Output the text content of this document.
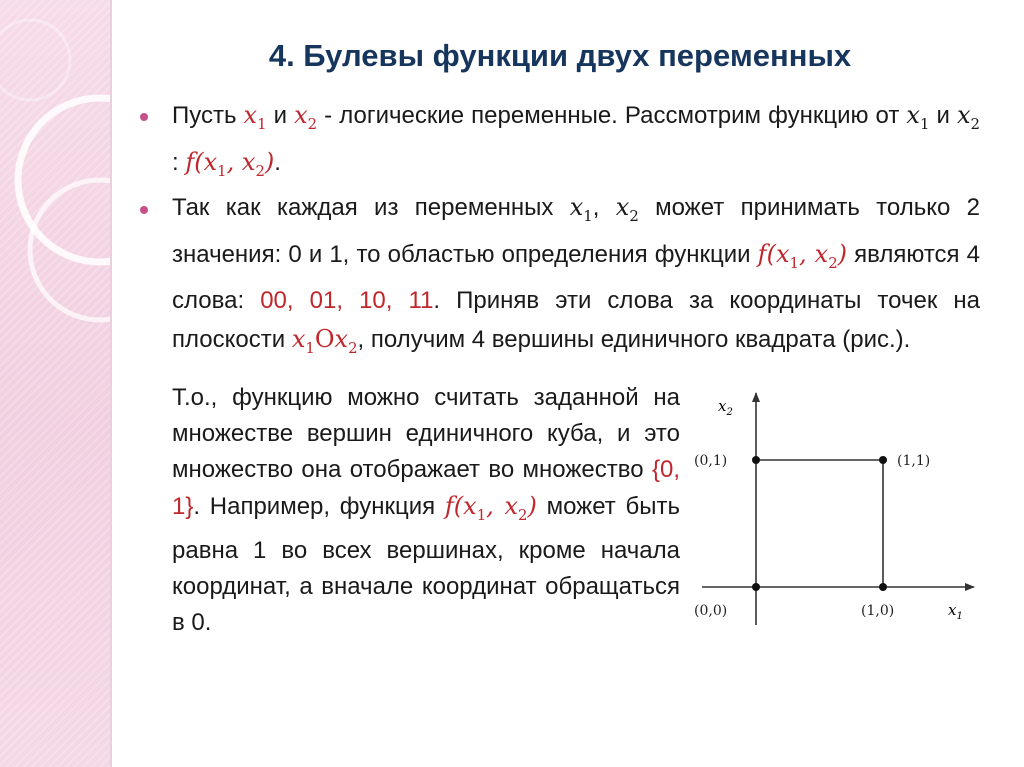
4. Булевы функции двух переменных

Пусть $x_1$ и $x_2$ - логические переменные. Рассмотрим функцию от $x_1$ и $x_2$ : $f(x_1$, $x_2$).

Так как каждая из переменных $x_1$, $x_2$ может принимать только 2 значения: 0 и 1, то областью определения функции $f(x_1$, $x_2$) являются 4 слова: 00, 01, 10, 11. Приняв эти слова за координаты точек на плоскости $x_1Ox_2$, получим 4 вершины единичного квадрата (рис.).

Т.о., функцию можно считать заданной на множестве вершин единичного куба, и это множество она отображает во множество {0, 1}. Например, функция $f(x_1$, $x_2$) может быть равна 1 во всех вершинах, кроме начала координат, а вначале координат обращаться в 0.	$x_1$
$x_2$
(0,0)	(1,0)
(0,1)	(1,1)
